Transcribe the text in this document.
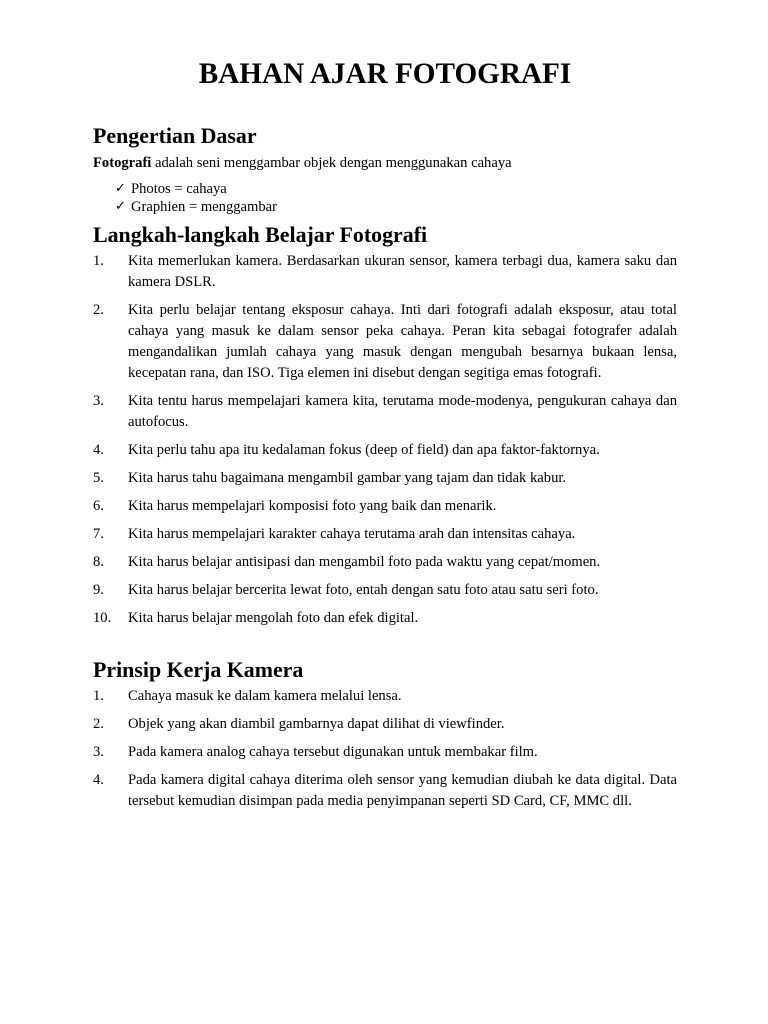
BAHAN AJAR FOTOGRAFI
Pengertian Dasar

Fotografi adalah seni menggambar objek dengan menggunakan cahaya

✓ Photos = cahaya
✓ Graphien = menggambar
Langkah-langkah Belajar Fotografi
1.	Kita memerlukan kamera. Berdasarkan ukuran sensor, kamera terbagi dua, kamera saku dan kamera DSLR.
2.	Kita perlu belajar tentang eksposur cahaya. Inti dari fotografi adalah eksposur, atau total cahaya yang masuk ke dalam sensor peka cahaya. Peran kita sebagai fotografer adalah mengandalikan jumlah cahaya yang masuk dengan mengubah besarnya bukaan lensa, kecepatan rana, dan ISO. Tiga elemen ini disebut dengan segitiga emas fotografi.
3.	Kita tentu harus mempelajari kamera kita, terutama mode-modenya, pengukuran cahaya dan autofocus.
4.	Kita perlu tahu apa itu kedalaman fokus (deep of field) dan apa faktor-faktornya.
5.	Kita harus tahu bagaimana mengambil gambar yang tajam dan tidak kabur.
6.	Kita harus mempelajari komposisi foto yang baik dan menarik.
7.	Kita harus mempelajari karakter cahaya terutama arah dan intensitas cahaya.
8.	Kita harus belajar antisipasi dan mengambil foto pada waktu yang cepat/momen.
9.	Kita harus belajar bercerita lewat foto, entah dengan satu foto atau satu seri foto.
10.	Kita harus belajar mengolah foto dan efek digital.
Prinsip Kerja Kamera
1.	Cahaya masuk ke dalam kamera melalui lensa.
2.	Objek yang akan diambil gambarnya dapat dilihat di viewfinder.
3.	Pada kamera analog cahaya tersebut digunakan untuk membakar film.
4.	Pada kamera digital cahaya diterima oleh sensor yang kemudian diubah ke data digital. Data tersebut kemudian disimpan pada media penyimpanan seperti SD Card, CF, MMC dll.
